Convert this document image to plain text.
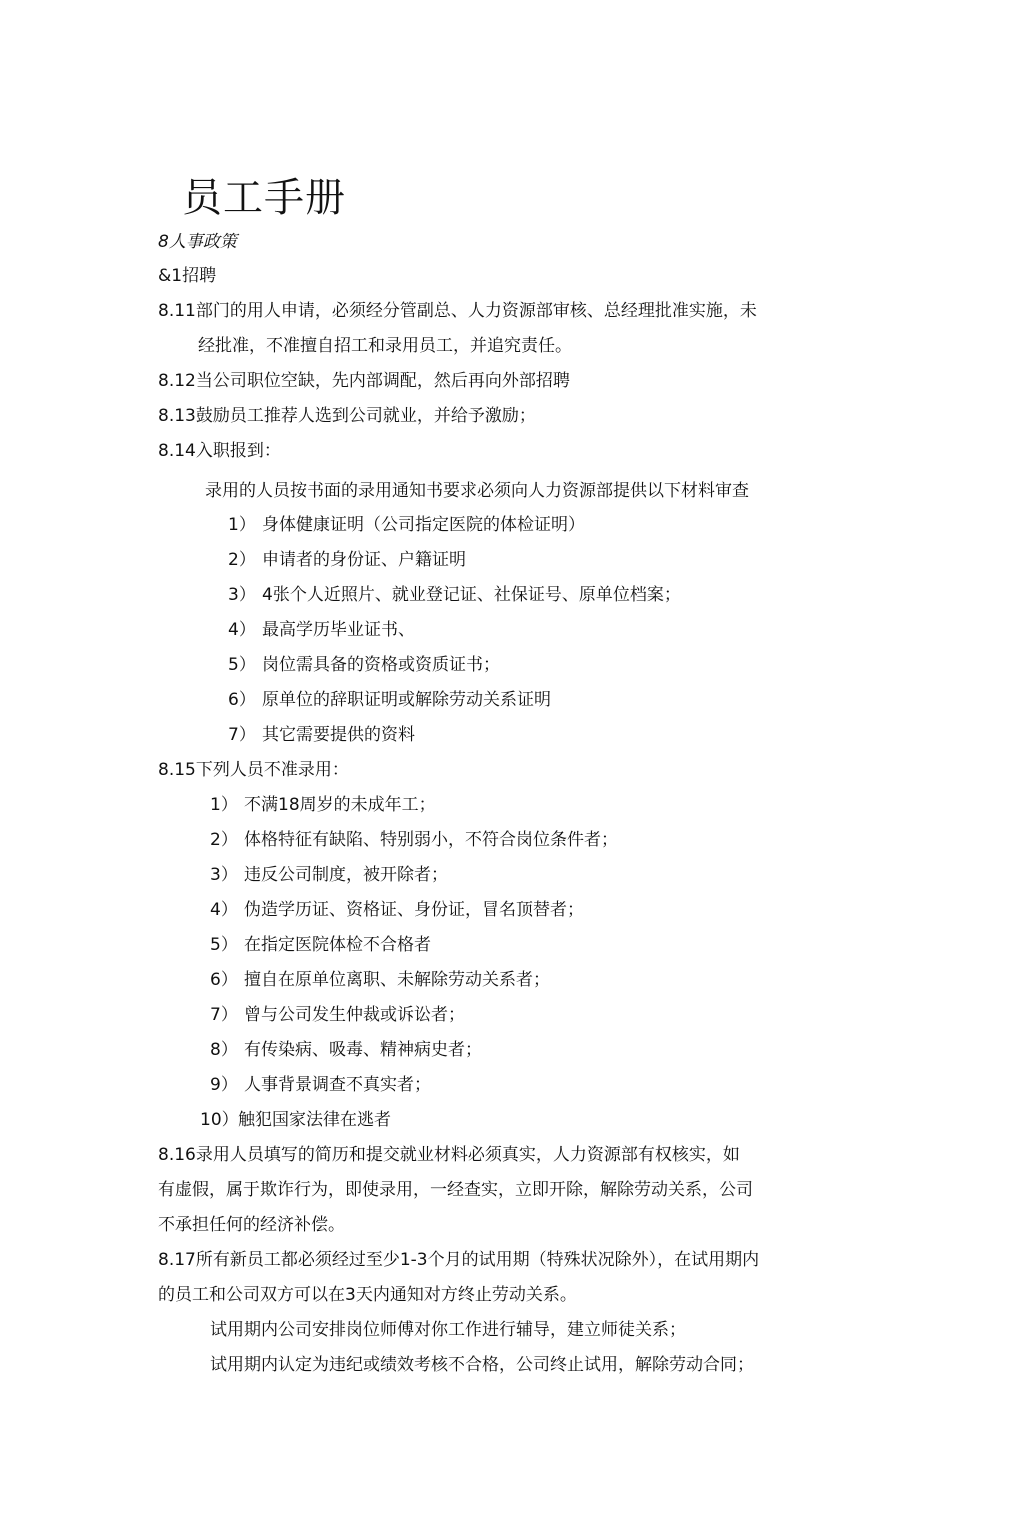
员工手册
8人事政策
&1招聘
8.11部门的用人申请，必须经分管副总、人力资源部审核、总经理批准实施，未
经批准，不准擅自招工和录用员工，并追究责任。
8.12当公司职位空缺，先内部调配，然后再向外部招聘
8.13鼓励员工推荐人选到公司就业，并给予激励；
8.14入职报到：
录用的人员按书面的录用通知书要求必须向人力资源部提供以下材料审查
1） 身体健康证明（公司指定医院的体检证明）
2） 申请者的身份证、户籍证明
3） 4张个人近照片、就业登记证、社保证号、原单位档案；
4） 最高学历毕业证书、
5） 岗位需具备的资格或资质证书；
6） 原单位的辞职证明或解除劳动关系证明
7） 其它需要提供的资料
8.15下列人员不准录用：
1） 不满18周岁的未成年工；
2） 体格特征有缺陷、特别弱小，不符合岗位条件者；
3） 违反公司制度，被开除者；
4） 伪造学历证、资格证、身份证，冒名顶替者；
5） 在指定医院体检不合格者
6） 擅自在原单位离职、未解除劳动关系者；
7） 曾与公司发生仲裁或诉讼者；
8） 有传染病、吸毒、精神病史者；
9） 人事背景调查不真实者；
10）触犯国家法律在逃者
8.16录用人员填写的简历和提交就业材料必须真实，人力资源部有权核实，如
有虚假，属于欺诈行为，即使录用，一经查实，立即开除，解除劳动关系，公司
不承担任何的经济补偿。
8.17所有新员工都必须经过至少1-3个月的试用期（特殊状况除外），在试用期内
的员工和公司双方可以在3天内通知对方终止劳动关系。
试用期内公司安排岗位师傅对你工作进行辅导，建立师徒关系；
试用期内认定为违纪或绩效考核不合格，公司终止试用，解除劳动合同；
